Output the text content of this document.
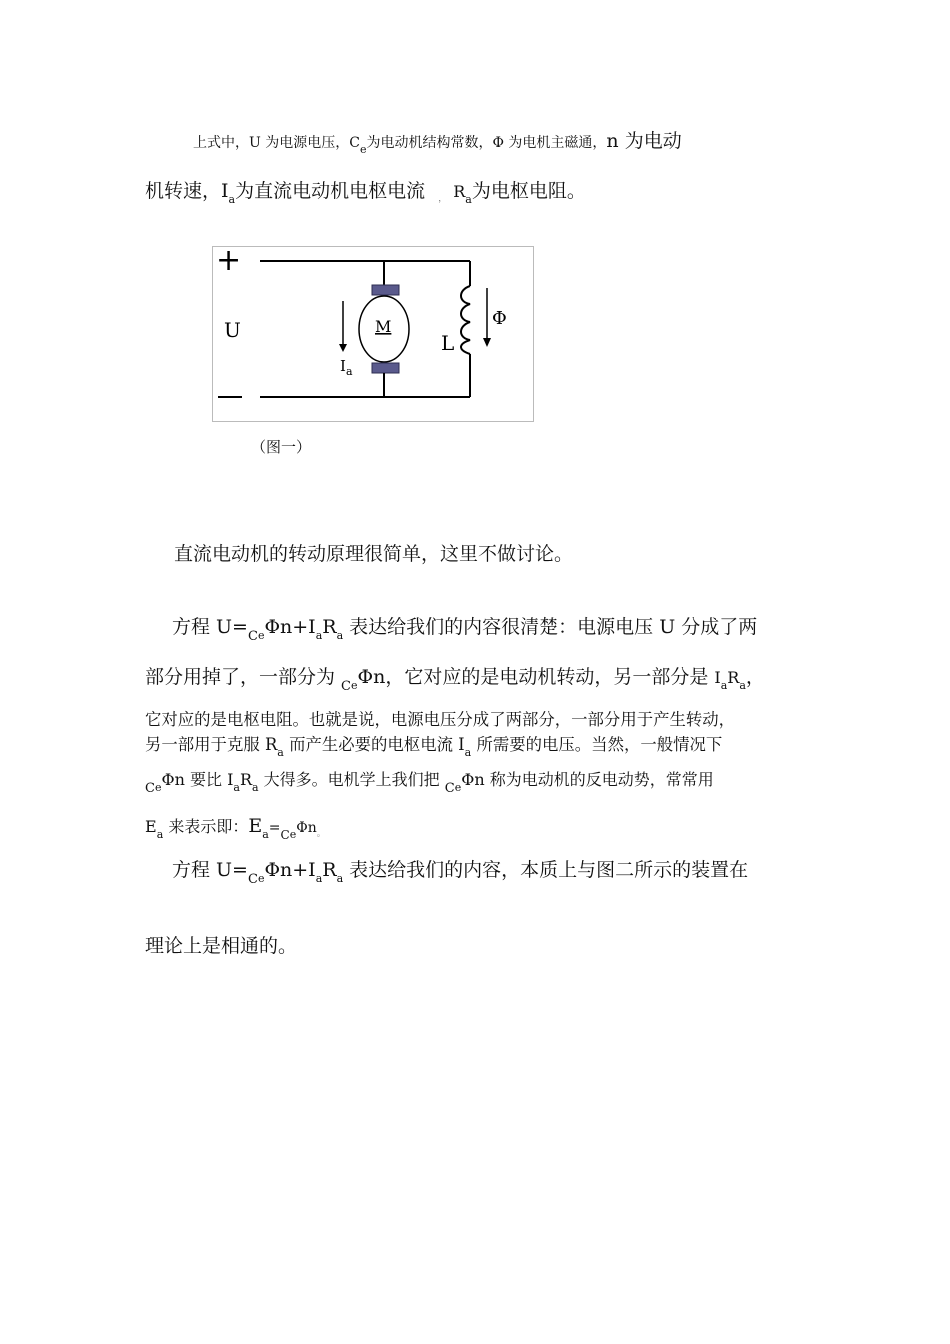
上式中，U 为电源电压，$C_e$为电动机结构常数，Φ 为电机主磁通，n 为电动
机转速，$I_a$为直流电动机电枢电流 $_,$ $R_a$为电枢电阻。
+
U	M
$I_a$
L
Φ
（图一）
直流电动机的转动原理很简单，这里不做讨论。
方程 $U=_{Ce}\Phi n+I_aR_a$ 表达给我们的内容很清楚：电源电压 U 分成了两
部分用掉了，一部分为 $_{Ce}$Φn，它对应的是电动机转动，另一部分是 $I_aR_a$，
它对应的是电枢电阻。也就是说，电源电压分成了两部分，一部分用于产生转动，
另一部用于克服 $R_a$ 而产生必要的电枢电流 $I_a$ 所需要的电压。当然，一般情况下
$_{Ce}$Φn 要比 $I_aR_a$ 大得多。电机学上我们把 $_{Ce}$Φn 称为电动机的反电动势，常常用
$E_a$ 来表示即：$E_a=_{Ce}\Phi n_。$
方程 $U=_{Ce}\Phi n+I_aR_a$ 表达给我们的内容，本质上与图二所示的装置在
理论上是相通的。
